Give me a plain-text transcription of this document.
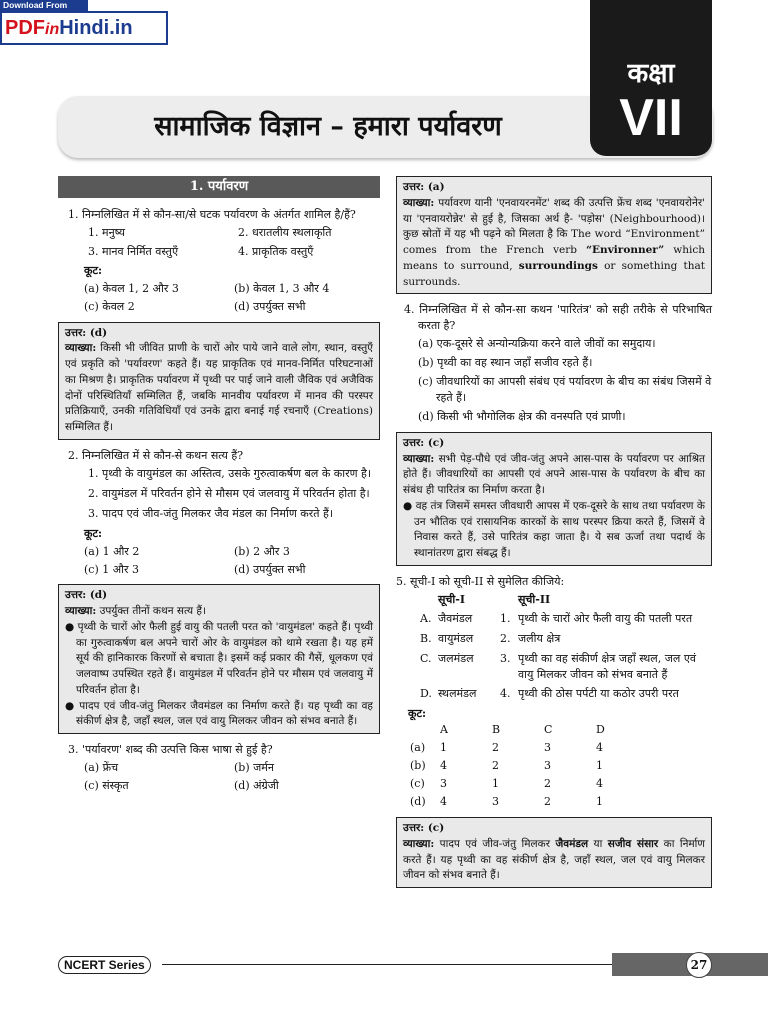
Download From
PDFinHindi.in
सामाजिक विज्ञान – हमारा पर्यावरण
कक्षा
VII
1. पर्यावरण
1. निम्नलिखित में से कौन-सा/से घटक पर्यावरण के अंतर्गत शामिल है/हैं?
1. मनुष्य	2. धरातलीय स्थलाकृति
3. मानव निर्मित वस्तुएँ	4. प्राकृतिक वस्तुएँ
कूट:
(a) केवल 1, 2 और 3	(b) केवल 1, 3 और 4
(c) केवल 2	(d) उपर्युक्त सभी
उत्तर: (d)
व्याख्या: किसी भी जीवित प्राणी के चारों ओर पाये जाने वाले लोग, स्थान, वस्तुएँ एवं प्रकृति को 'पर्यावरण' कहते हैं। यह प्राकृतिक एवं मानव-निर्मित परिघटनाओं का मिश्रण है। प्राकृतिक पर्यावरण में पृथ्वी पर पाई जाने वाली जैविक एवं अजैविक दोनों परिस्थितियाँ सम्मिलित हैं, जबकि मानवीय पर्यावरण में मानव की परस्पर प्रतिक्रियाएँ, उनकी गतिविधियाँ एवं उनके द्वारा बनाई गई रचनाएँ (Creations) सम्मिलित हैं।
2. निम्नलिखित में से कौन-से कथन सत्य हैं?
1. पृथ्वी के वायुमंडल का अस्तित्व, उसके गुरुत्वाकर्षण बल के कारण है।
2. वायुमंडल में परिवर्तन होने से मौसम एवं जलवायु में परिवर्तन होता है।
3. पादप एवं जीव-जंतु मिलकर जैव मंडल का निर्माण करते हैं।
कूट:
(a) 1 और 2	(b) 2 और 3
(c) 1 और 3	(d) उपर्युक्त सभी
उत्तर: (d)
व्याख्या: उपर्युक्त तीनों कथन सत्य हैं।
● पृथ्वी के चारों ओर फैली हुई वायु की पतली परत को 'वायुमंडल' कहते हैं। पृथ्वी का गुरुत्वाकर्षण बल अपने चारों ओर के वायुमंडल को थामे रखता है। यह हमें सूर्य की हानिकारक किरणों से बचाता है। इसमें कई प्रकार की गैसें, धूलकण एवं जलवाष्प उपस्थित रहते हैं। वायुमंडल में परिवर्तन होने पर मौसम एवं जलवायु में परिवर्तन होता है।
● पादप एवं जीव-जंतु मिलकर जैवमंडल का निर्माण करते हैं। यह पृथ्वी का वह संकीर्ण क्षेत्र है, जहाँ स्थल, जल एवं वायु मिलकर जीवन को संभव बनाते हैं।
3. 'पर्यावरण' शब्द की उत्पत्ति किस भाषा से हुई है?
(a) फ्रेंच	(b) जर्मन
(c) संस्कृत	(d) अंग्रेजी
उत्तर: (a)
व्याख्या: पर्यावरण यानी 'एनवायरनमेंट' शब्द की उत्पत्ति फ्रेंच शब्द 'एनवायरोनेर' या 'एनवायरोन्नेर' से हुई है, जिसका अर्थ है- 'पड़ोस' (Neighbourhood)। कुछ स्रोतों में यह भी पढ़ने को मिलता है कि The word “Environment” comes from the French verb “Environner” which means to surround, surroundings or something that surrounds.
4. निम्नलिखित में से कौन-सा कथन 'पारितंत्र' को सही तरीके से परिभाषित करता है?
(a) एक-दूसरे से अन्योन्यक्रिया करने वाले जीवों का समुदाय।
(b) पृथ्वी का वह स्थान जहाँ सजीव रहते हैं।
(c) जीवधारियों का आपसी संबंध एवं पर्यावरण के बीच का संबंध जिसमें वे रहते हैं।
(d) किसी भी भौगोलिक क्षेत्र की वनस्पति एवं प्राणी।
उत्तर: (c)
व्याख्या: सभी पेड़-पौधे एवं जीव-जंतु अपने आस-पास के पर्यावरण पर आश्रित होते हैं। जीवधारियों का आपसी एवं अपने आस-पास के पर्यावरण के बीच का संबंध ही पारितंत्र का निर्माण करता है।
● वह तंत्र जिसमें समस्त जीवधारी आपस में एक-दूसरे के साथ तथा पर्यावरण के उन भौतिक एवं रासायनिक कारकों के साथ परस्पर क्रिया करते हैं, जिसमें वे निवास करते हैं, उसे पारितंत्र कहा जाता है। ये सब ऊर्जा तथा पदार्थ के स्थानांतरण द्वारा संबद्ध हैं।
5. सूची-I को सूची-II से सुमेलित कीजिये:
सूची-I	सूची-II
A. जैवमंडल	1. पृथ्वी के चारों ओर फैली वायु की पतली परत
B. वायुमंडल	2. जलीय क्षेत्र
C. जलमंडल	3. पृथ्वी का वह संकीर्ण क्षेत्र जहाँ स्थल, जल एवं वायु मिलकर जीवन को संभव बनाते हैं
D. स्थलमंडल	4. पृथ्वी की ठोस पर्पटी या कठोर उपरी परत
कूट:
A	B	C	D
(a)	1	2	3	4
(b)	4	2	3	1
(c)	3	1	2	4
(d)	4	3	2	1
उत्तर: (c)
व्याख्या: पादप एवं जीव-जंतु मिलकर जैवमंडल या सजीव संसार का निर्माण करते हैं। यह पृथ्वी का वह संकीर्ण क्षेत्र है, जहाँ स्थल, जल एवं वायु मिलकर जीवन को संभव बनाते हैं।
NCERT Series	27
